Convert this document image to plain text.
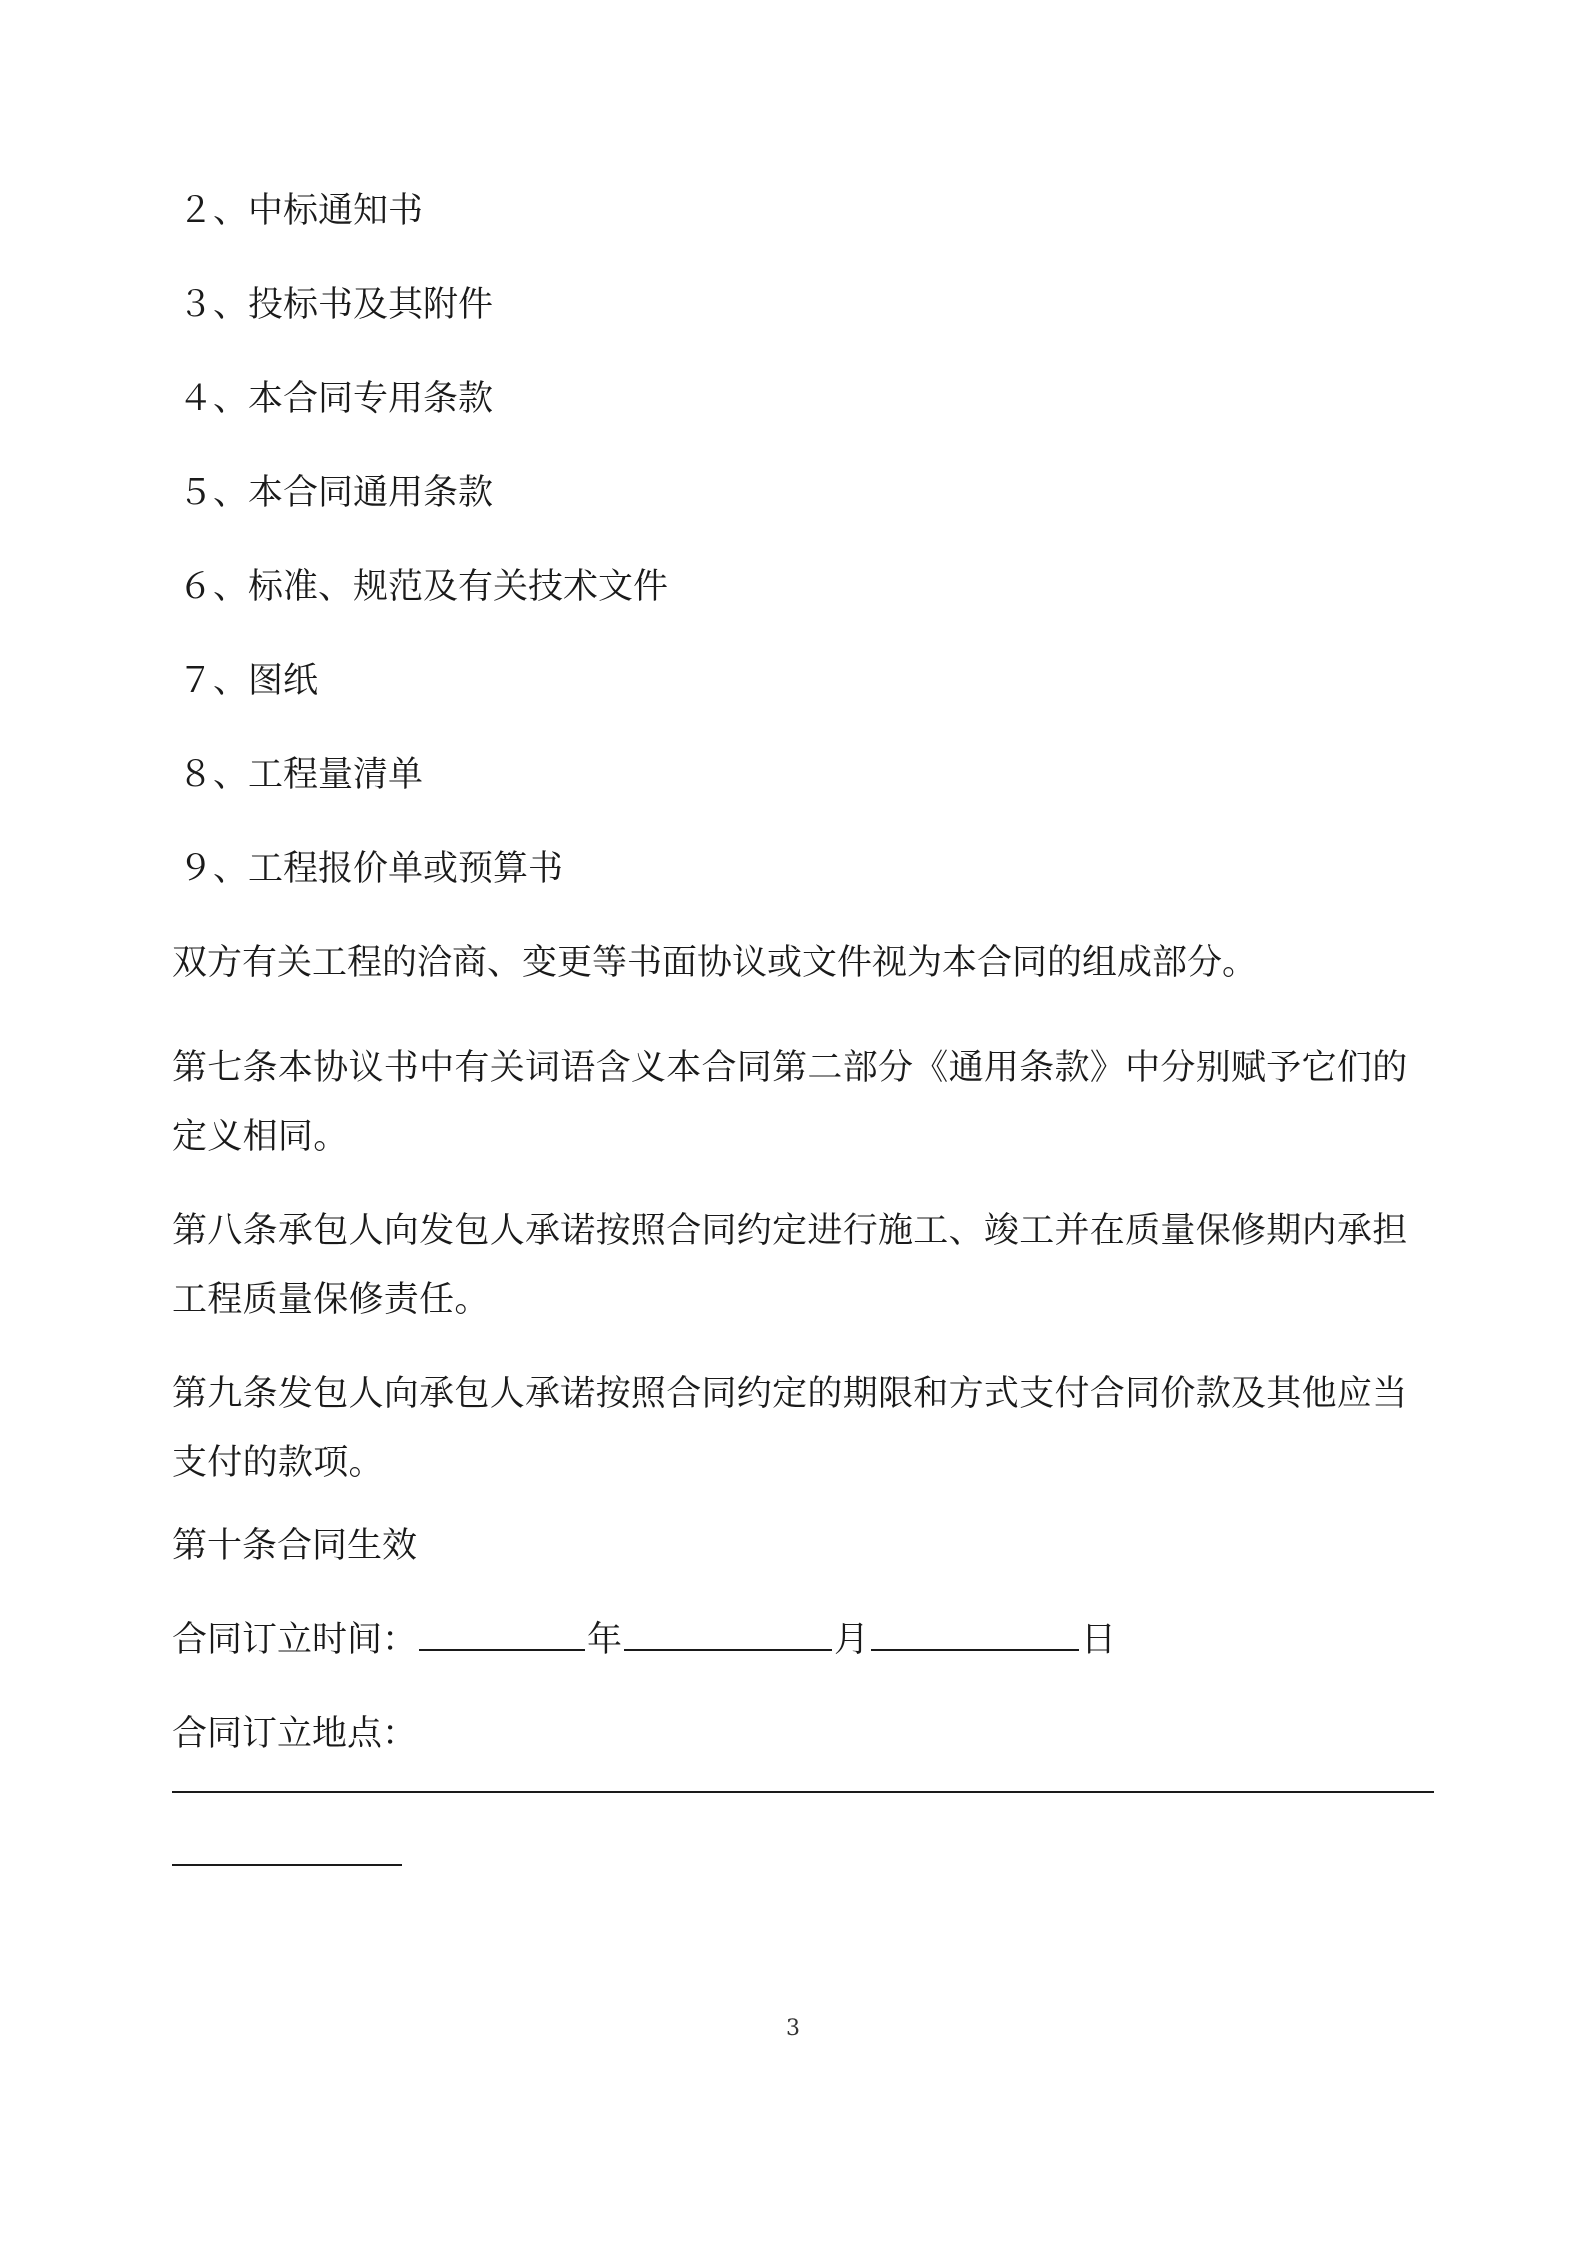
２、中标通知书
３、投标书及其附件
４、本合同专用条款
５、本合同通用条款
６、标准、规范及有关技术文件
７、图纸
８、工程量清单
９、工程报价单或预算书
双方有关工程的洽商、变更等书面协议或文件视为本合同的组成部分。
第七条本协议书中有关词语含义本合同第二部分《通用条款》中分别赋予它们的定义相同。
第八条承包人向发包人承诺按照合同约定进行施工、竣工并在质量保修期内承担工程质量保修责任。
第九条发包人向承包人承诺按照合同约定的期限和方式支付合同价款及其他应当支付的款项。
第十条合同生效
合同订立时间：	年	月	日
合同订立地点：
3
